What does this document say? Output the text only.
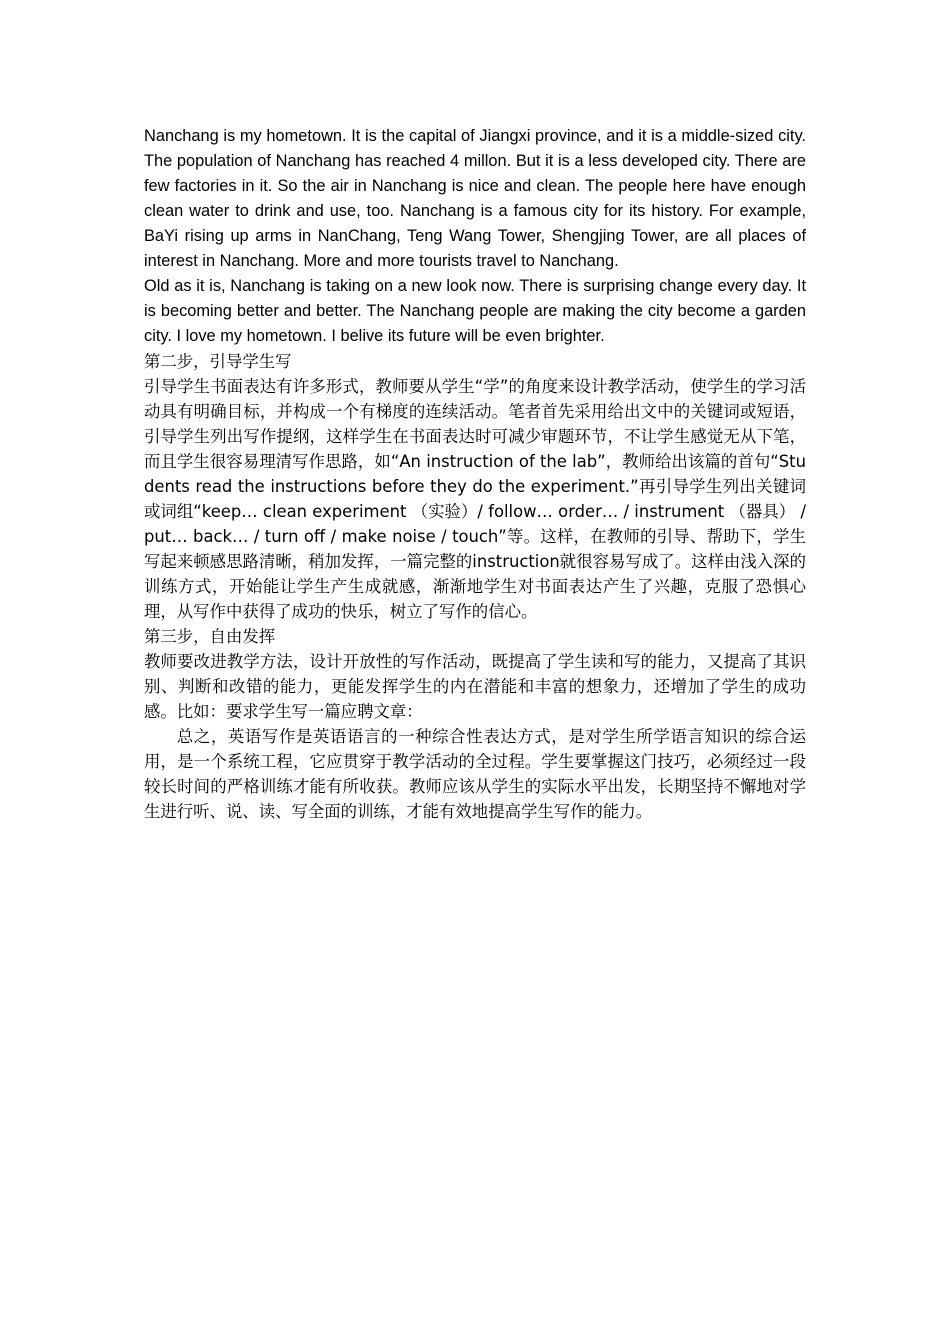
Nanchang is my hometown. It is the capital of Jiangxi province, and it is a middle-sized city. The population of Nanchang has reached 4 millon. But it is a less developed city. There are few factories in it. So the air in Nanchang is nice and clean. The people here have enough clean water to drink and use, too. Nanchang is a famous city for its history. For example, BaYi rising up arms in NanChang, Teng Wang Tower, Shengjing Tower, are all places of interest in Nanchang. More and more tourists travel to Nanchang.

Old as it is, Nanchang is taking on a new look now. There is surprising change every day. It is becoming better and better. The Nanchang people are making the city become a garden city. I love my hometown. I belive its future will be even brighter.

第二步，引导学生写

引导学生书面表达有许多形式，教师要从学生“学”的角度来设计教学活动，使学生的学习活动具有明确目标，并构成一个有梯度的连续活动。笔者首先采用给出文中的关键词或短语，引导学生列出写作提纲，这样学生在书面表达时可减少审题环节，不让学生感觉无从下笔，而且学生很容易理清写作思路，如“An instruction of the lab”，教师给出该篇的首句“Students read the instructions before they do the experiment.”再引导学生列出关键词或词组“keep… clean experiment （实验）/ follow… order… / instrument （器具） / put… back… / turn off / make noise / touch”等。这样，在教师的引导、帮助下，学生写起来顿感思路清晰，稍加发挥，一篇完整的instruction就很容易写成了。这样由浅入深的训练方式，开始能让学生产生成就感，渐渐地学生对书面表达产生了兴趣，克服了恐惧心理，从写作中获得了成功的快乐，树立了写作的信心。

第三步，自由发挥

教师要改进教学方法，设计开放性的写作活动，既提高了学生读和写的能力，又提高了其识别、判断和改错的能力，更能发挥学生的内在潜能和丰富的想象力，还增加了学生的成功感。比如：要求学生写一篇应聘文章：

总之，英语写作是英语语言的一种综合性表达方式，是对学生所学语言知识的综合运用，是一个系统工程，它应贯穿于教学活动的全过程。学生要掌握这门技巧，必须经过一段较长时间的严格训练才能有所收获。教师应该从学生的实际水平出发，长期坚持不懈地对学生进行听、说、读、写全面的训练，才能有效地提高学生写作的能力。
